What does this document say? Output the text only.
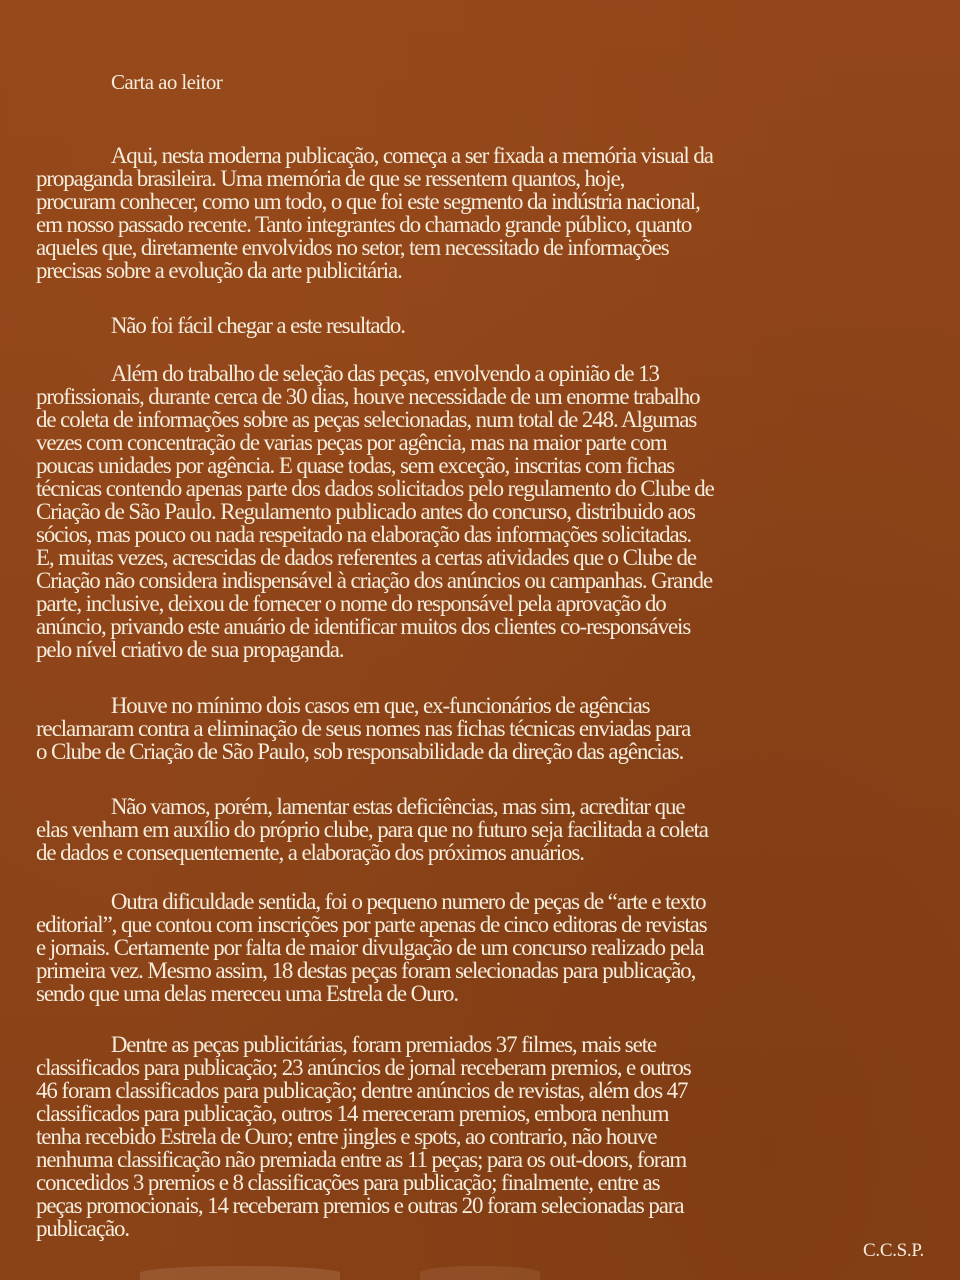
Carta ao leitor
Aqui, nesta moderna publicação, começa a ser fixada a memória visual da
propaganda brasileira. Uma memória de que se ressentem quantos, hoje,
procuram conhecer, como um todo, o que foi este segmento da indústria nacional,
em nosso passado recente. Tanto integrantes do chamado grande público, quanto
aqueles que, diretamente envolvidos no setor, tem necessitado de informações
precisas sobre a evolução da arte publicitária.
Não foi fácil chegar a este resultado.
Além do trabalho de seleção das peças, envolvendo a opinião de 13
profissionais, durante cerca de 30 dias, houve necessidade de um enorme trabalho
de coleta de informações sobre as peças selecionadas, num total de 248. Algumas
vezes com concentração de varias peças por agência, mas na maior parte com
poucas unidades por agência. E quase todas, sem exceção, inscritas com fichas
técnicas contendo apenas parte dos dados solicitados pelo regulamento do Clube de
Criação de São Paulo. Regulamento publicado antes do concurso, distribuido aos
sócios, mas pouco ou nada respeitado na elaboração das informações solicitadas.
E, muitas vezes, acrescidas de dados referentes a certas atividades que o Clube de
Criação não considera indispensável à criação dos anúncios ou campanhas. Grande
parte, inclusive, deixou de fornecer o nome do responsável pela aprovação do
anúncio, privando este anuário de identificar muitos dos clientes co-responsáveis
pelo nível criativo de sua propaganda.
Houve no mínimo dois casos em que, ex-funcionários de agências
reclamaram contra a eliminação de seus nomes nas fichas técnicas enviadas para
o Clube de Criação de São Paulo, sob responsabilidade da direção das agências.
Não vamos, porém, lamentar estas deficiências, mas sim, acreditar que
elas venham em auxílio do próprio clube, para que no futuro seja facilitada a coleta
de dados e consequentemente, a elaboração dos próximos anuários.
Outra dificuldade sentida, foi o pequeno numero de peças de “arte e texto
editorial”, que contou com inscrições por parte apenas de cinco editoras de revistas
e jornais. Certamente por falta de maior divulgação de um concurso realizado pela
primeira vez. Mesmo assim, 18 destas peças foram selecionadas para publicação,
sendo que uma delas mereceu uma Estrela de Ouro.
Dentre as peças publicitárias, foram premiados 37 filmes, mais sete
classificados para publicação; 23 anúncios de jornal receberam premios, e outros
46 foram classificados para publicação; dentre anúncios de revistas, além dos 47
classificados para publicação, outros 14 mereceram premios, embora nenhum
tenha recebido Estrela de Ouro; entre jingles e spots, ao contrario, não houve
nenhuma classificação não premiada entre as 11 peças; para os out-doors, foram
concedidos 3 premios e 8 classificações para publicação; finalmente, entre as
peças promocionais, 14 receberam premios e outras 20 foram selecionadas para
publicação.
C.C.S.P.
